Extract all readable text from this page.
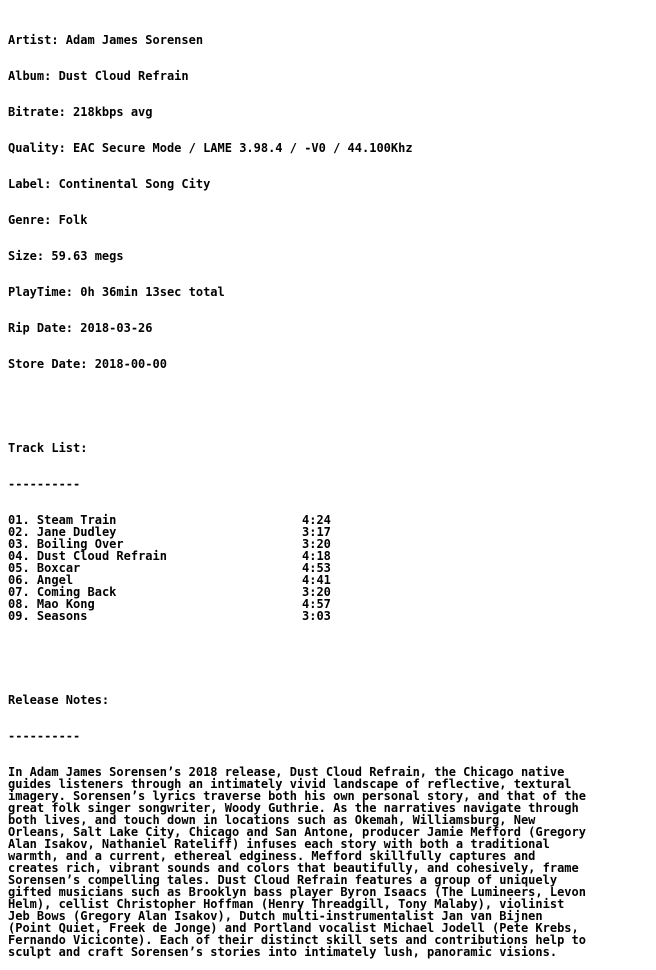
Artist: Adam James Sorensen

Album: Dust Cloud Refrain

Bitrate: 218kbps avg

Quality: EAC Secure Mode / LAME 3.98.4 / -V0 / 44.100Khz

Label: Continental Song City

Genre: Folk

Size: 59.63 megs

PlayTime: 0h 36min 13sec total

Rip Date: 2018-03-26

Store Date: 2018-00-00

Track List:

----------

01. Steam Train	4:24
02. Jane Dudley	3:17
03. Boiling Over	3:20
04. Dust Cloud Refrain	4:18
05. Boxcar	4:53
06. Angel	4:41
07. Coming Back	3:20
08. Mao Kong	4:57
09. Seasons	3:03

Release Notes:

----------

In Adam James Sorensen’s 2018 release, Dust Cloud Refrain, the Chicago native
guides listeners through an intimately vivid landscape of reflective, textural
imagery. Sorensen’s lyrics traverse both his own personal story, and that of the
great folk singer songwriter, Woody Guthrie. As the narratives navigate through
both lives, and touch down in locations such as Okemah, Williamsburg, New
Orleans, Salt Lake City, Chicago and San Antone, producer Jamie Mefford (Gregory
Alan Isakov, Nathaniel Rateliff) infuses each story with both a traditional
warmth, and a current, ethereal edginess. Mefford skillfully captures and
creates rich, vibrant sounds and colors that beautifully, and cohesively, frame
Sorensen’s compelling tales. Dust Cloud Refrain features a group of uniquely
gifted musicians such as Brooklyn bass player Byron Isaacs (The Lumineers, Levon
Helm), cellist Christopher Hoffman (Henry Threadgill, Tony Malaby), violinist
Jeb Bows (Gregory Alan Isakov), Dutch multi-instrumentalist Jan van Bijnen
(Point Quiet, Freek de Jonge) and Portland vocalist Michael Jodell (Pete Krebs,
Fernando Viciconte). Each of their distinct skill sets and contributions help to
sculpt and craft Sorensen’s stories into intimately lush, panoramic visions.
